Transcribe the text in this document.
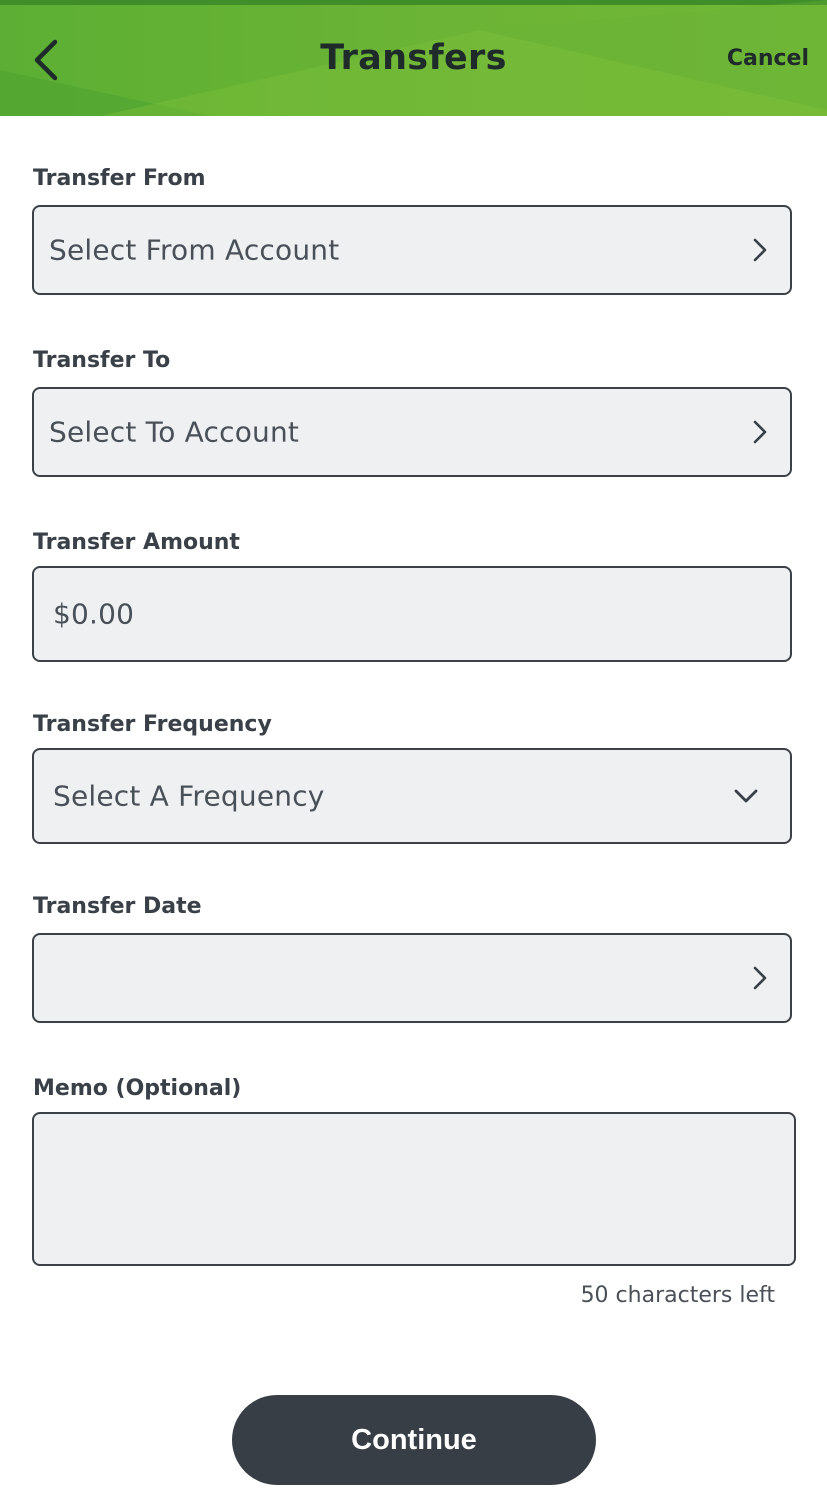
Transfers	Cancel
Transfer From
Select From Account
Transfer To
Select To Account
Transfer Amount
$0.00
Transfer Frequency
Select A Frequency
Transfer Date
Memo (Optional)
50 characters left
Continue
